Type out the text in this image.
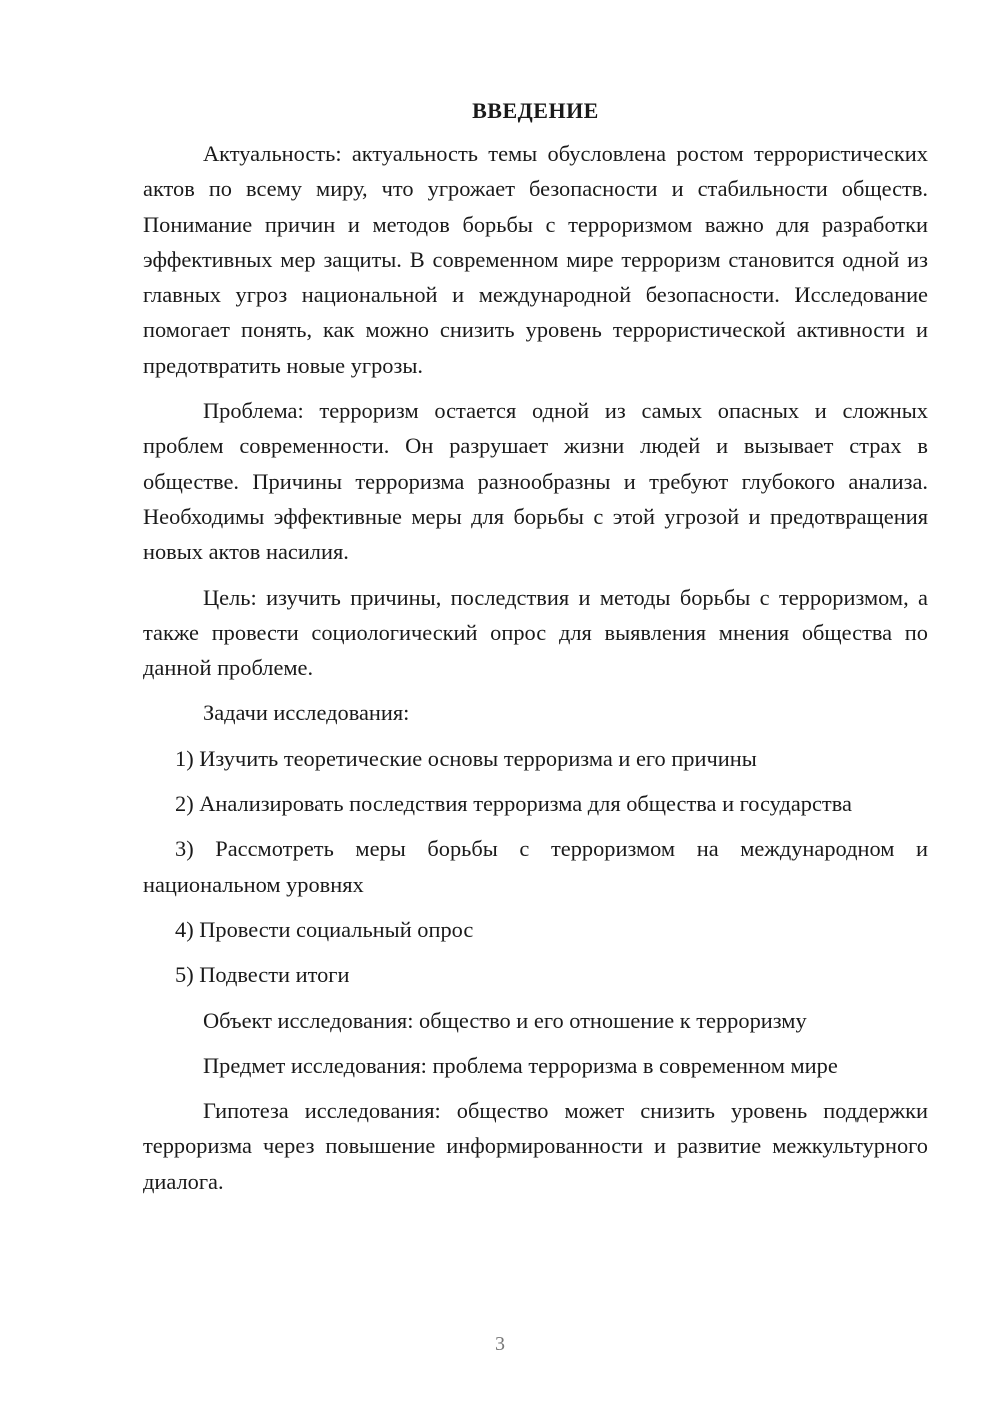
ВВЕДЕНИЕ

Актуальность: актуальность темы обусловлена ростом террористических актов по всему миру, что угрожает безопасности и стабильности обществ. Понимание причин и методов борьбы с терроризмом важно для разработки эффективных мер защиты. В современном мире терроризм становится одной из главных угроз национальной и международной безопасности. Исследование помогает понять, как можно снизить уровень террористической активности и предотвратить новые угрозы.

Проблема: терроризм остается одной из самых опасных и сложных проблем современности. Он разрушает жизни людей и вызывает страх в обществе. Причины терроризма разнообразны и требуют глубокого анализа. Необходимы эффективные меры для борьбы с этой угрозой и предотвращения новых актов насилия.

Цель: изучить причины, последствия и методы борьбы с терроризмом, а также провести социологический опрос для выявления мнения общества по данной проблеме.

Задачи исследования:

1) Изучить теоретические основы терроризма и его причины

2) Анализировать последствия терроризма для общества и государства

3) Рассмотреть меры борьбы с терроризмом на международном и национальном уровнях

4) Провести социальный опрос

5) Подвести итоги

Объект исследования: общество и его отношение к терроризму

Предмет исследования: проблема терроризма в современном мире

Гипотеза исследования: общество может снизить уровень поддержки терроризма через повышение информированности и развитие межкультурного диалога.

3
